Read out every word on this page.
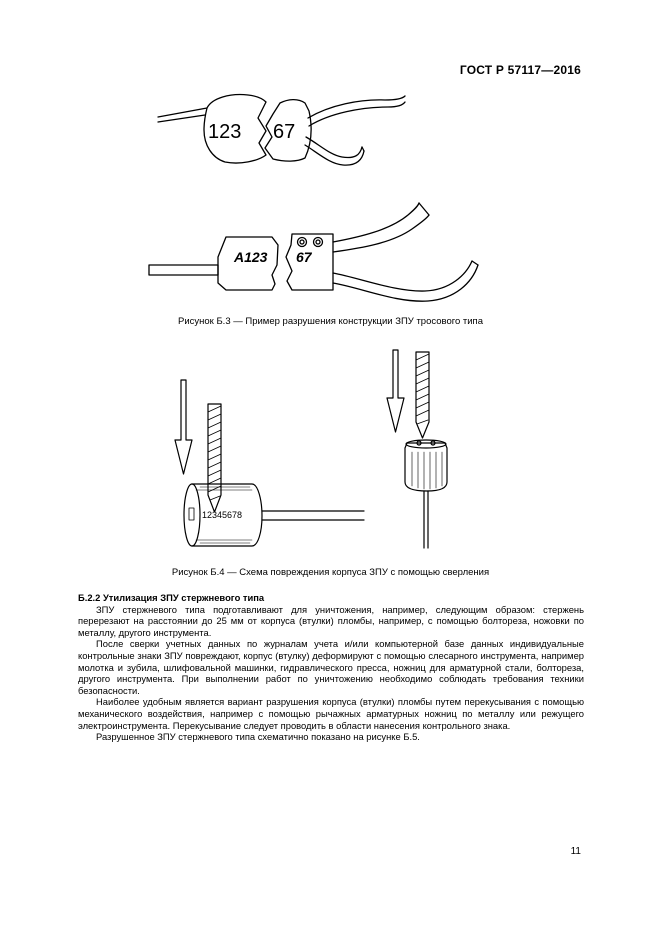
ГОСТ Р 57117—2016
123 67
A123 67
Рисунок Б.3 — Пример разрушения конструкции ЗПУ тросового типа
12345678
Рисунок Б.4 — Схема повреждения корпуса ЗПУ с помощью сверления
Б.2.2 Утилизация ЗПУ стержневого типа

ЗПУ стержневого типа подготавливают для уничтожения, например, следующим образом: стержень перерезают на расстоянии до 25 мм от корпуса (втулки) пломбы, например, с помощью болтореза, ножовки по металлу, другого инструмента.

После сверки учетных данных по журналам учета и/или компьютерной базе данных индивидуальные контрольные знаки ЗПУ повреждают, корпус (втулку) деформируют с помощью слесарного инструмента, например молотка и зубила, шлифовальной машинки, гидравлического пресса, ножниц для арматурной стали, болтореза, другого инструмента. При выполнении работ по уничтожению необходимо соблюдать требования техники безопасности.

Наиболее удобным является вариант разрушения корпуса (втулки) пломбы путем перекусывания с помощью механического воздействия, например с помощью рычажных арматурных ножниц по металлу или режущего электроинструмента. Перекусывание следует проводить в области нанесения контрольного знака.

Разрушенное ЗПУ стержневого типа схематично показано на рисунке Б.5.

11
